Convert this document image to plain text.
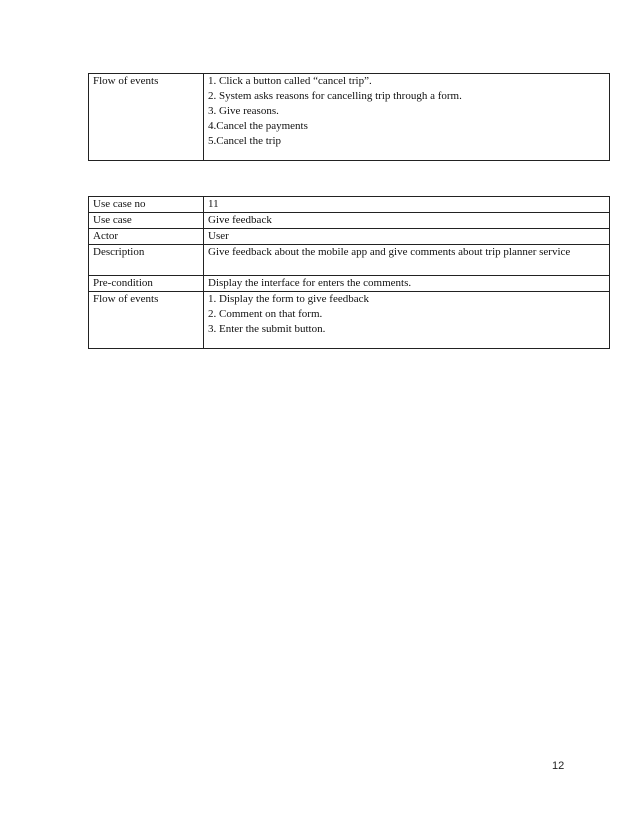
Flow of events	1. Click a button called “cancel trip”.
2. System asks reasons for cancelling trip through a form.
3. Give reasons.
4.Cancel the payments
5.Cancel the trip
Use case no	11
Use case	Give feedback
Actor	User
Description	Give feedback about the mobile app and give comments about trip planner service

Pre-condition	Display the interface for enters the comments.
Flow of events	1. Display the form to give feedback
2. Comment on that form.
3. Enter the submit button.
12
